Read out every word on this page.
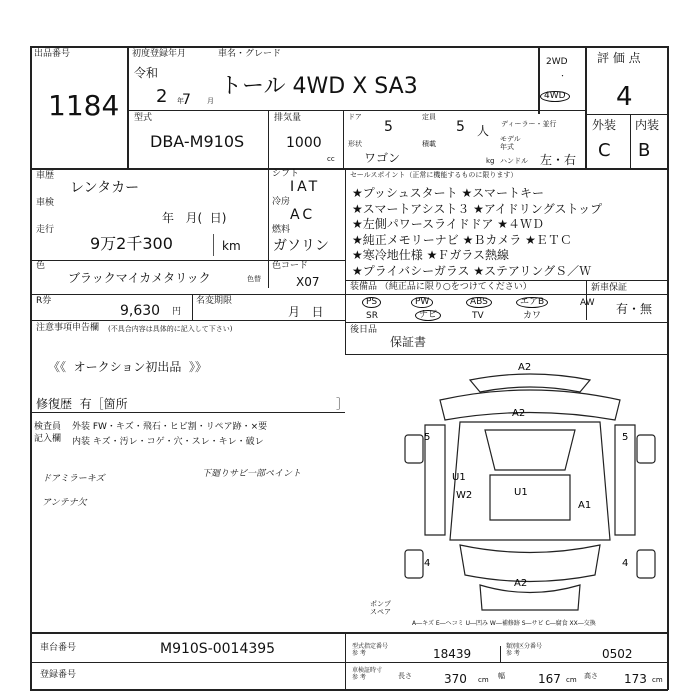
出品番号
1184
初度登録年月
令和
2 7
年	月
車名・グレード
トール 4WD X SA3
2WD
・
4WD
評 価 点
4
外装 内装
C B
型式
DBA-M910S
排気量
1000
cc
ドア
5
定員
5 人
形状
ワゴン
積載
kg
ディーラー・並行
モデル
年式
ハンドル 左・右
車歴
レンタカー
車検
年   月(  日)
走行
9万2千300	km
シフト
IAT
冷房
AC
燃料
ガソリン
色
ブラックマイカメタリック	色替
色コード
X07
R券
9,630 円
名変期限
月   日
セールスポイント（正常に機能するものに限ります）
★プッシュスタート ★スマートキー
★スマートアシスト３ ★アイドリングストップ
★左側パワースライドドア ★４ＷＤ
★純正メモリーナビ ★Ｂカメラ ★ＥＴＣ
★寒冷地仕様 ★Ｆガラス熱線
★プライバシーガラス ★ステアリングＳ／Ｗ
装備品 （純正品に限り○をつけてください）
PS	PW	ABS	エアB	AW
SR	ナビ	TV	カワ
新車保証
有・無
注意事項申告欄 (不具合内容は具体的に記入して下さい)
《《  オークション初出品  》》
修復歴  有［箇所	］
後日品
保証書
検査員
記入欄
外装 FW・キズ・飛石・ヒビ割・リペア跡・×要
内装 キズ・汚レ・コゲ・穴・スレ・キレ・破レ
ドアミラーキズ
アンテナ欠
下廻りサビ一部ペイント
A2
A2
5	5
U1
W2	U1
A1
4	4
A2
ポンプ
スペア
A―キズ E―ヘコミ U―凹み W―補修跡 S―サビ C―腐食 XX―交換
車台番号	M910S-0014395
登録番号
型式指定番号
参 考	18439
類別区分番号
参 考	0502
車検証時寸
参 考	長さ	370 cm 幅	167 cm 高さ 173 cm
